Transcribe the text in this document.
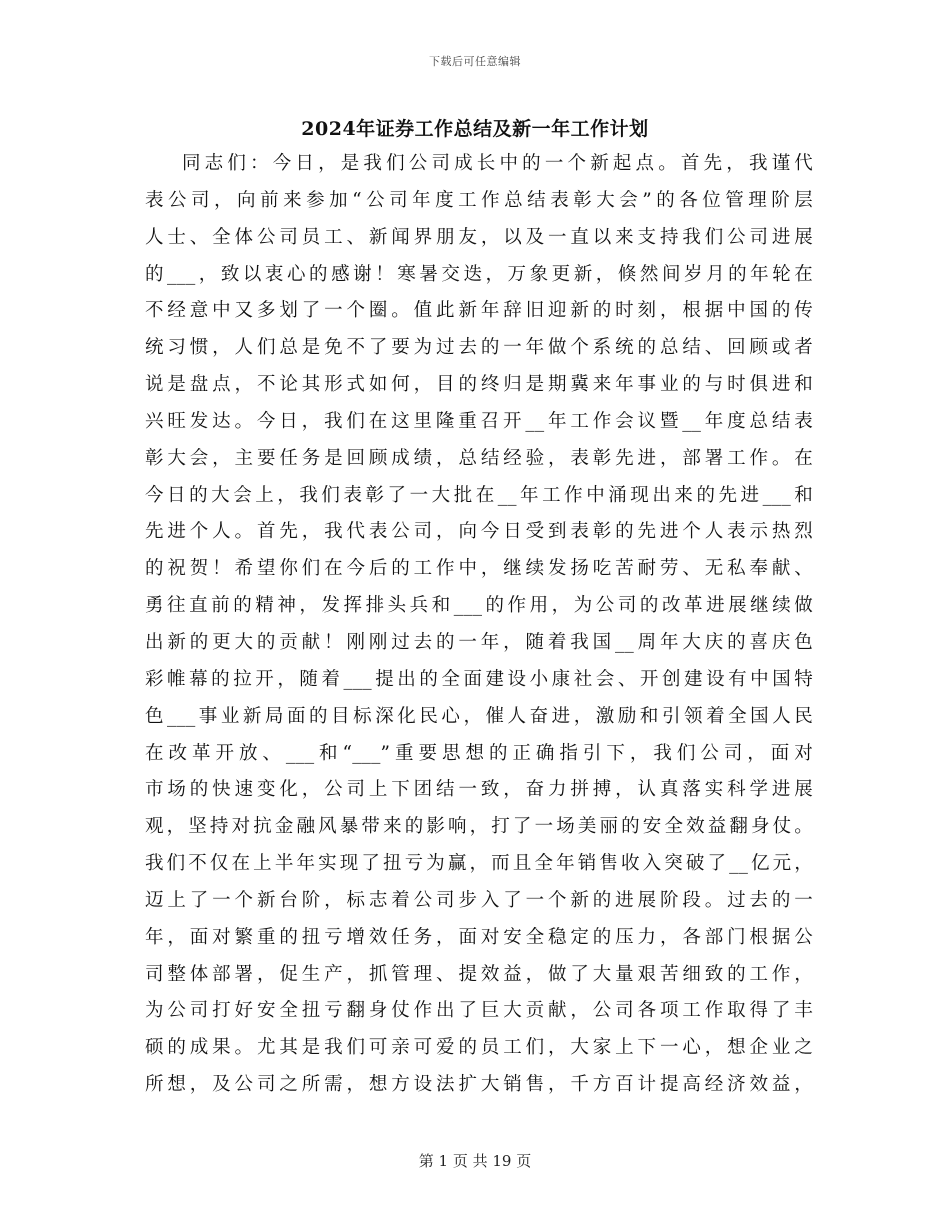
下载后可任意编辑
2024年证券工作总结及新一年工作计划
同志们：今日，是我们公司成长中的一个新起点。首先，我谨代
表公司，向前来参加“公司年度工作总结表彰大会”的各位管理阶层
人士、全体公司员工、新闻界朋友，以及一直以来支持我们公司进展
的___，致以衷心的感谢！寒暑交迭，万象更新，倏然间岁月的年轮在
不经意中又多划了一个圈。值此新年辞旧迎新的时刻，根据中国的传
统习惯，人们总是免不了要为过去的一年做个系统的总结、回顾或者
说是盘点，不论其形式如何，目的终归是期冀来年事业的与时俱进和
兴旺发达。今日，我们在这里隆重召开__年工作会议暨__年度总结表
彰大会，主要任务是回顾成绩，总结经验，表彰先进，部署工作。在
今日的大会上，我们表彰了一大批在__年工作中涌现出来的先进___和
先进个人。首先，我代表公司，向今日受到表彰的先进个人表示热烈
的祝贺！希望你们在今后的工作中，继续发扬吃苦耐劳、无私奉献、
勇往直前的精神，发挥排头兵和___的作用，为公司的改革进展继续做
出新的更大的贡献！刚刚过去的一年，随着我国__周年大庆的喜庆色
彩帷幕的拉开，随着___提出的全面建设小康社会、开创建设有中国特
色___事业新局面的目标深化民心，催人奋进，激励和引领着全国人民
在改革开放、___和“___”重要思想的正确指引下，我们公司，面对
市场的快速变化，公司上下团结一致，奋力拼搏，认真落实科学进展
观，坚持对抗金融风暴带来的影响，打了一场美丽的安全效益翻身仗。
我们不仅在上半年实现了扭亏为赢，而且全年销售收入突破了__亿元，
迈上了一个新台阶，标志着公司步入了一个新的进展阶段。过去的一
年，面对繁重的扭亏增效任务，面对安全稳定的压力，各部门根据公
司整体部署，促生产，抓管理、提效益，做了大量艰苦细致的工作，
为公司打好安全扭亏翻身仗作出了巨大贡献，公司各项工作取得了丰
硕的成果。尤其是我们可亲可爱的员工们，大家上下一心，想企业之
所想，及公司之所需，想方设法扩大销售，千方百计提高经济效益，
第 1 页 共 19 页
